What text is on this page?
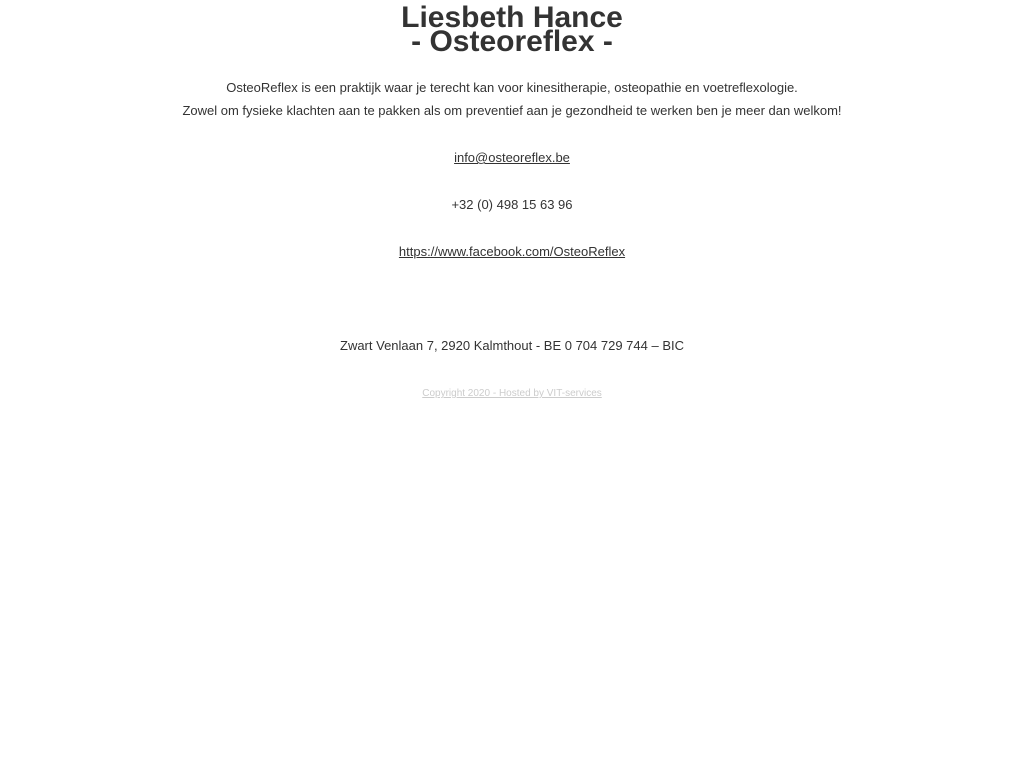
Liesbeth Hance
- Osteoreflex -

OsteoReflex is een praktijk waar je terecht kan voor kinesitherapie, osteopathie en voetreflexologie.

Zowel om fysieke klachten aan te pakken als om preventief aan je gezondheid te werken ben je meer dan welkom!

info@osteoreflex.be

+32 (0) 498 15 63 96

https://www.facebook.com/OsteoReflex

Zwart Venlaan 7, 2920 Kalmthout - BE 0 704 729 744 – BIC

Copyright 2020 - Hosted by VIT-services
